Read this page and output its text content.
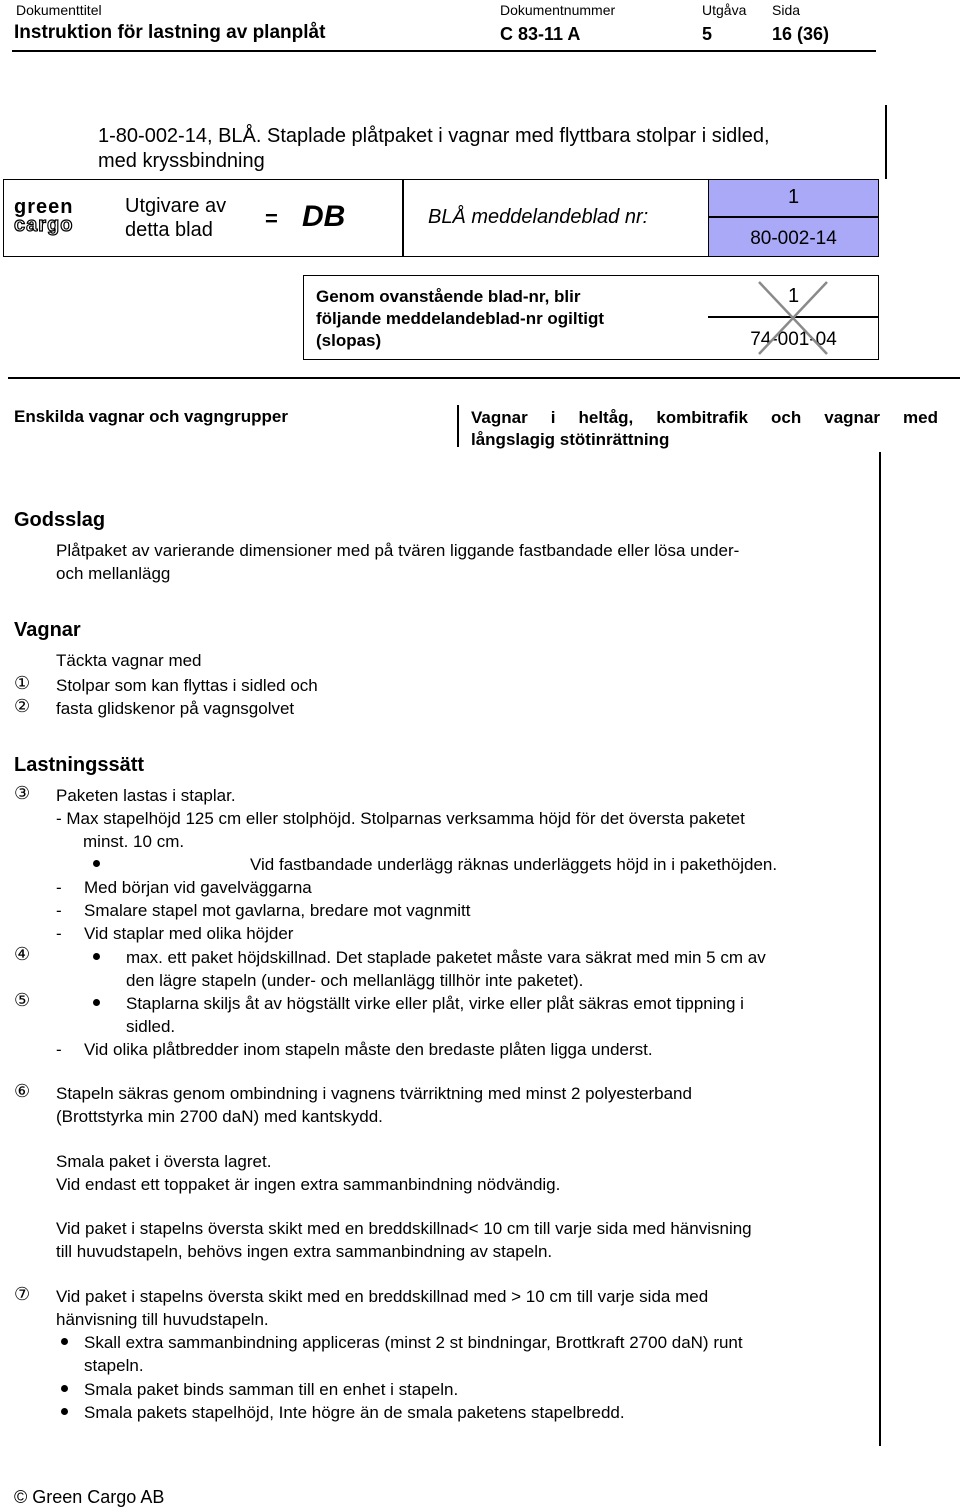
Dokumenttitel
Instruktion för lastning av planplåt
Dokumentnummer
C 83-11 A
Utgåva
5
Sida
16 (36)
1-80-002-14, BLÅ. Staplade plåtpaket i vagnar med flyttbara stolpar i sidled,
med kryssbindning
green
cargo
Utgivare av
detta blad	= DB	BLÅ meddelandeblad nr:
1
80-002-14
Genom ovanstående blad-nr, blir
följande meddelandeblad-nr ogiltigt
(slopas)
1
74-001-04
Enskilda vagnar och vagngrupper	Vagnar i heltåg, kombitrafik och vagnar med
långslagig stötinrättning
Godsslag
Plåtpaket av varierande dimensioner med på tvären liggande fastbandade eller lösa under-
och mellanlägg
Vagnar
Täckta vagnar med
① Stolpar som kan flyttas i sidled och
② fasta glidskenor på vagnsgolvet
Lastningssätt
③ Paketen lastas i staplar.
- Max stapelhöjd 125 cm eller stolphöjd. Stolparnas verksamma höjd för det översta paketet
minst. 10 cm.
Vid fastbandade underlägg räknas underläggets höjd in i pakethöjden.
- Med början vid gavelväggarna
- Smalare stapel mot gavlarna, bredare mot vagnmitt
- Vid staplar med olika höjder
④	max. ett paket höjdskillnad. Det staplade paketet måste vara säkrat med min 5 cm av
den lägre stapeln (under- och mellanlägg tillhör inte paketet).
⑤	Staplarna skiljs åt av högställt virke eller plåt, virke eller plåt säkras emot tippning i
sidled.
- Vid olika plåtbredder inom stapeln måste den bredaste plåten ligga underst.
⑥ Stapeln säkras genom ombindning i vagnens tvärriktning med minst 2 polyesterband
(Brottstyrka min 2700 daN) med kantskydd.
Smala paket i översta lagret.
Vid endast ett toppaket är ingen extra sammanbindning nödvändig.
Vid paket i stapelns översta skikt med en breddskillnad< 10 cm till varje sida med hänvisning
till huvudstapeln, behövs ingen extra sammanbindning av stapeln.
⑦ Vid paket i stapelns översta skikt med en breddskillnad med > 10 cm till varje sida med
hänvisning till huvudstapeln.
Skall extra sammanbindning appliceras (minst 2 st bindningar, Brottkraft 2700 daN) runt
stapeln.
Smala paket binds samman till en enhet i stapeln.
Smala pakets stapelhöjd, Inte högre än de smala paketens stapelbredd.
© Green Cargo AB
